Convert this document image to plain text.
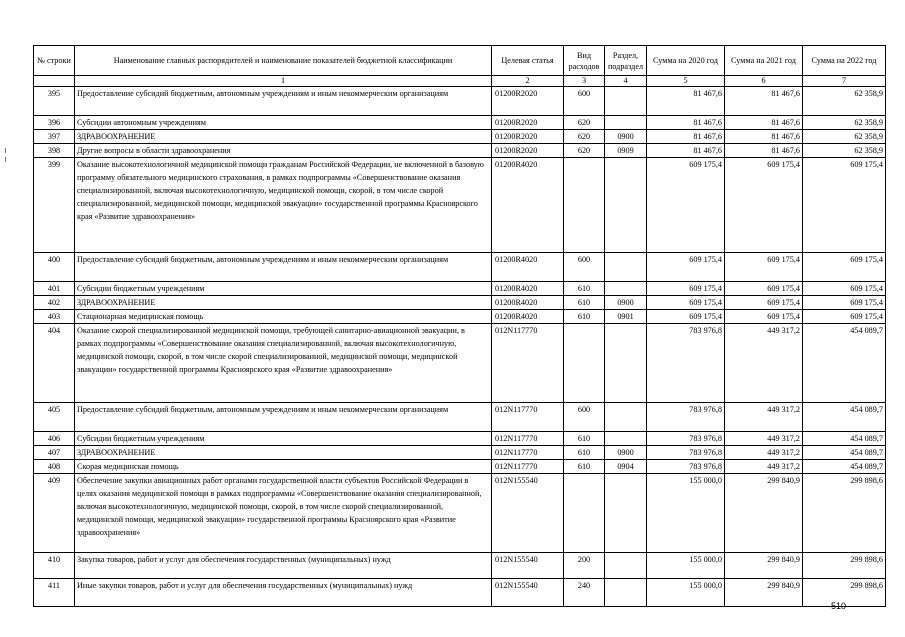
№ строки	Наименование главных распорядителей и наименование показателей бюджетной классификации	Целевая статья	Вид расходов	Раздел, подраздел	Сумма на 2020 год	Сумма на 2021 год	Сумма на 2022 год
	1	2	3	4	5	6	7
395	Предоставление субсидий бюджетным, автономным учреждениям и иным некоммерческим организациям	01200R2020	600		81 467,6	81 467,6	62 358,9
396	Субсидии автономным учреждениям	01200R2020	620		81 467,6	81 467,6	62 358,9
397	ЗДРАВООХРАНЕНИЕ	01200R2020	620	0900	81 467,6	81 467,6	62 358,9
398	Другие вопросы в области здравоохранения	01200R2020	620	0909	81 467,6	81 467,6	62 358,9
399	Оказание высокотехнологичной медицинской помощи гражданам Российской Федерации, не включенной в базовую программу обязательного медицинского страхования, в рамках подпрограммы «Совершенствование оказания специализированной, включая высокотехнологичную, медицинской помощи, скорой, в том числе скорой специализированной, медицинской помощи, медицинской эвакуации» государственной программы Красноярского края «Развитие здравоохранения»	01200R4020			609 175,4	609 175,4	609 175,4
400	Предоставление субсидий бюджетным, автономным учреждениям и иным некоммерческим организациям	01200R4020	600		609 175,4	609 175,4	609 175,4
401	Субсидии бюджетным учреждениям	01200R4020	610		609 175,4	609 175,4	609 175,4
402	ЗДРАВООХРАНЕНИЕ	01200R4020	610	0900	609 175,4	609 175,4	609 175,4
403	Стационарная медицинская помощь	01200R4020	610	0901	609 175,4	609 175,4	609 175,4
404	Оказание скорой специализированной медицинской помощи, требующей санитарно-авиационной эвакуации, в рамках подпрограммы «Совершенствование оказания специализированной, включая высокотехнологичную, медицинской помощи, скорой, в том числе скорой специализированной, медицинской помощи, медицинской эвакуации» государственной программы Красноярского края «Развитие здравоохранения»	012N117770			783 976,8	449 317,2	454 089,7
405	Предоставление субсидий бюджетным, автономным учреждениям и иным некоммерческим организациям	012N117770	600		783 976,8	449 317,2	454 089,7
406	Субсидии бюджетным учреждениям	012N117770	610		783 976,8	449 317,2	454 089,7
407	ЗДРАВООХРАНЕНИЕ	012N117770	610	0900	783 976,8	449 317,2	454 089,7
408	Скорая медицинская помощь	012N117770	610	0904	783 976,8	449 317,2	454 089,7
409	Обеспечение закупки авиационных работ органами государственной власти субъектов Российской Федерации в целях оказания медицинской помощи в рамках подпрограммы «Совершенствование оказания специализированной, включая высокотехнологичную, медицинской помощи, скорой, в том числе скорой специализированной, медицинской помощи, медицинской эвакуации» государственной программы Красноярского края «Развитие здравоохранения»	012N155540			155 000,0	299 840,9	299 898,6
410	Закупка товаров, работ и услуг для обеспечения государственных (муниципальных) нужд	012N155540	200		155 000,0	299 840,9	299 898,6
411	Иные закупки товаров, работ и услуг для обеспечения государственных (муниципальных) нужд	012N155540	240		155 000,0	299 840,9	299 898,6
510
